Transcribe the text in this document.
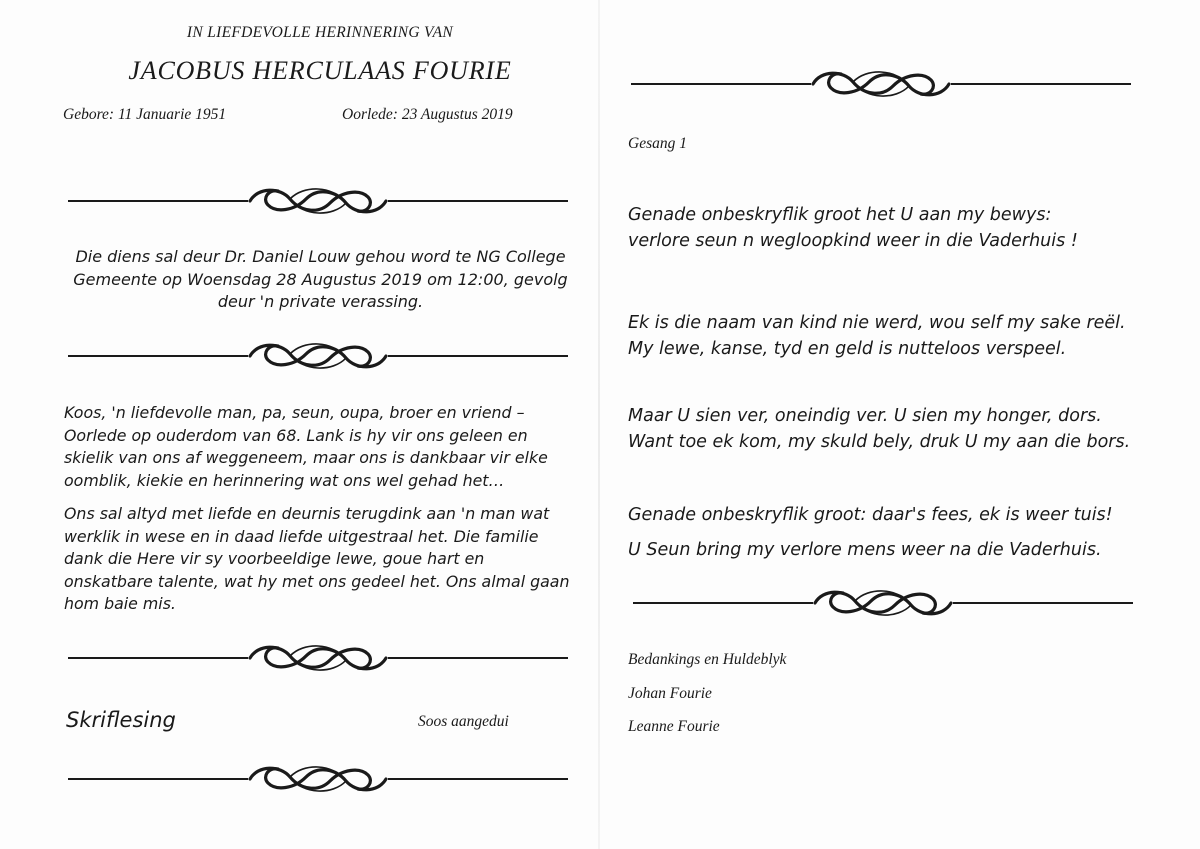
IN LIEFDEVOLLE HERINNERING VAN

JACOBUS HERCULAAS FOURIE

Gebore: 11 Januarie 1951	Oorlede: 23 Augustus 2019

Die diens sal deur Dr. Daniel Louw gehou word te NG College
Gemeente op Woensdag 28 Augustus 2019 om 12:00, gevolg
deur 'n private verassing.

Koos, 'n liefdevolle man, pa, seun, oupa, broer en vriend –
Oorlede op ouderdom van 68. Lank is hy vir ons geleen en
skielik van ons af weggeneem, maar ons is dankbaar vir elke
oomblik, kiekie en herinnering wat ons wel gehad het…

Ons sal altyd met liefde en deurnis terugdink aan 'n man wat
werklik in wese en in daad liefde uitgestraal het. Die familie
dank die Here vir sy voorbeeldige lewe, goue hart en
onskatbare talente, wat hy met ons gedeel het. Ons almal gaan
hom baie mis.

Skriflesing	Soos aangedui

Gesang 1

Genade onbeskryflik groot het U aan my bewys:
verlore seun n wegloopkind weer in die Vaderhuis !

Ek is die naam van kind nie werd, wou self my sake reël.
My lewe, kanse, tyd en geld is nutteloos verspeel.

Maar U sien ver, oneindig ver. U sien my honger, dors.
Want toe ek kom, my skuld bely, druk U my aan die bors.

Genade onbeskryflik groot: daar's fees, ek is weer tuis!

U Seun bring my verlore mens weer na die Vaderhuis.

Bedankings en Huldeblyk

Johan Fourie

Leanne Fourie
